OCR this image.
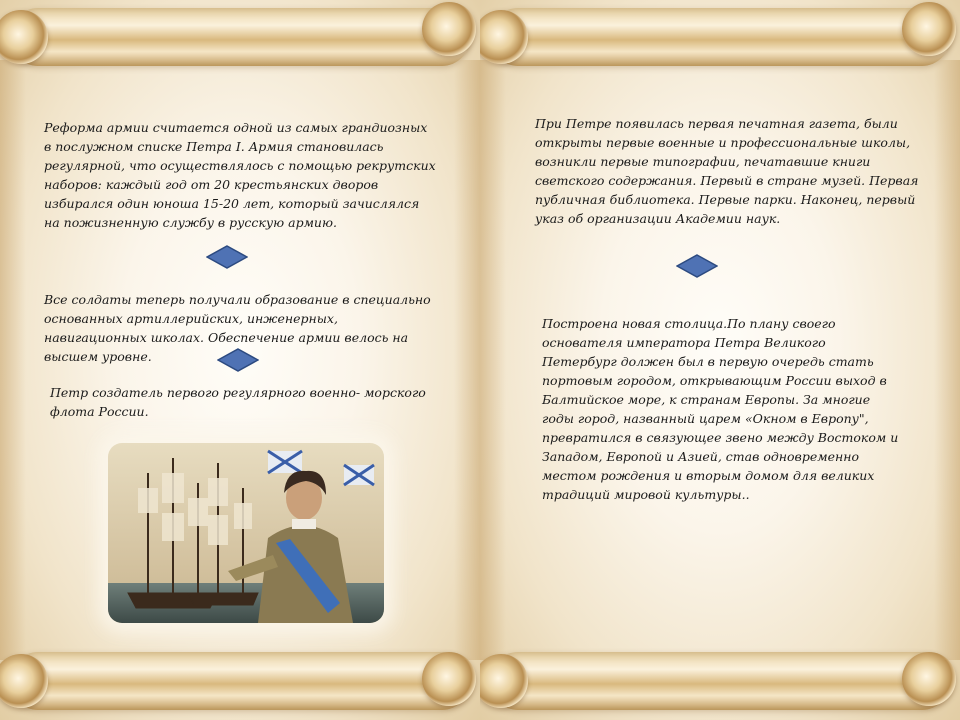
Реформа армии считается одной из самых грандиозных в послужном списке Петра I. Армия становилась регулярной, что осуществлялось с помощью рекрутских наборов: каждый год от 20 крестьянских дворов избирался один юноша 15-20 лет, который зачислялся на пожизненную службу в русскую армию.

Все солдаты теперь получали образование в специально основанных артиллерийских, инженерных, навигационных школах. Обеспечение армии велось на высшем уровне.

Петр создатель первого регулярного военно- морского флота России.

При Петре появилась первая печатная газета, были открыты первые военные и профессиональные школы, возникли первые типографии, печатавшие книги светского содержания. Первый в стране музей. Первая публичная библиотека. Первые парки. Наконец, первый указ об организации Академии наук.

Построена новая столица.По плану своего основателя императора Петра Великого Петербург должен был в первую очередь стать портовым городом, открывающим России выход в Балтийское море, к странам Европы. За многие годы город, названный царем «Окном в Европу", превратился в связующее звено между Востоком и Западом, Европой и Азией, став одновременно местом рождения и вторым домом для великих традиций мировой культуры..
